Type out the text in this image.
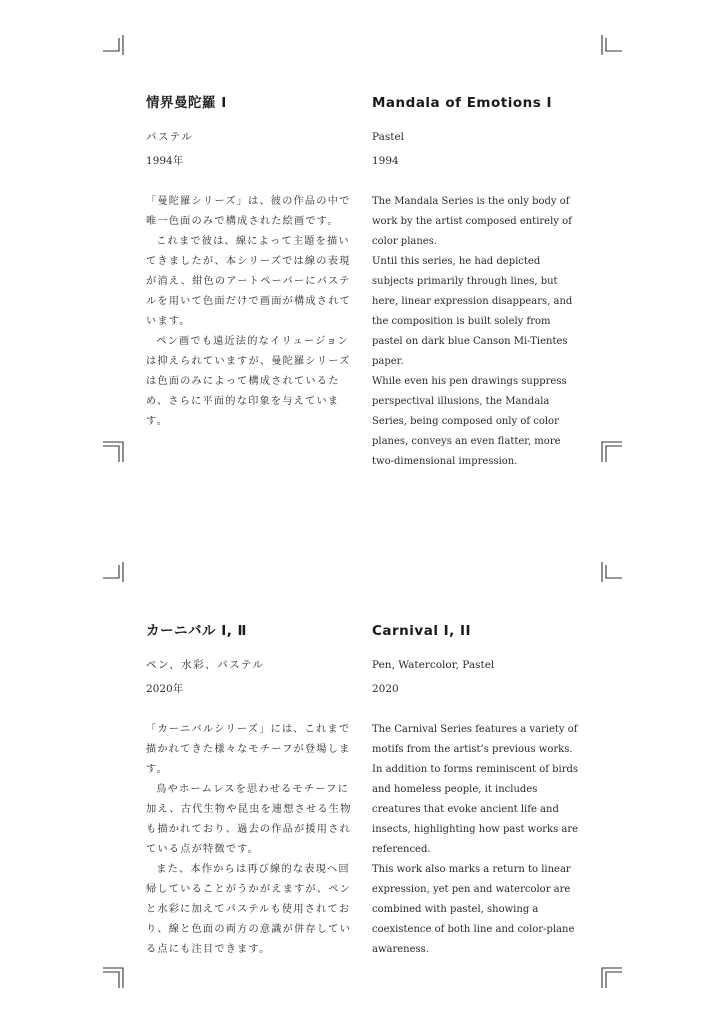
情界曼陀羅 Ⅰ

パステル

1994年

「曼陀羅シリーズ」は、彼の作品の中で唯一色面のみで構成された絵画です。

これまで彼は、線によって主題を描いてきましたが、本シリーズでは線の表現が消え、紺色のアートペーパーにパステルを用いて色面だけで画面が構成されています。

ペン画でも遠近法的なイリュージョンは抑えられていますが、曼陀羅シリーズは色面のみによって構成されているため、さらに平面的な印象を与えています。

Mandala of Emotions I

Pastel

1994

The Mandala Series is the only body of work by the artist composed entirely of color planes.

Until this series, he had depicted subjects primarily through lines, but here, linear expression disappears, and the composition is built solely from pastel on dark blue Canson Mi-Tientes paper.

While even his pen drawings suppress perspectival illusions, the Mandala Series, being composed only of color planes, conveys an even flatter, more two-dimensional impression.

カーニバル Ⅰ, Ⅱ

ペン、水彩、パステル

2020年

「カーニバルシリーズ」には、これまで描かれてきた様々なモチーフが登場します。

鳥やホームレスを思わせるモチーフに加え、古代生物や昆虫を連想させる生物も描かれており、過去の作品が援用されている点が特徴です。

また、本作からは再び線的な表現へ回帰していることがうかがえますが、ペンと水彩に加えてパステルも使用されており、線と色面の両方の意識が併存している点にも注目できます。

Carnival I, II

Pen, Watercolor, Pastel

2020

The Carnival Series features a variety of motifs from the artist’s previous works.

In addition to forms reminiscent of birds and homeless people, it includes creatures that evoke ancient life and insects, highlighting how past works are referenced.

This work also marks a return to linear expression, yet pen and watercolor are combined with pastel, showing a coexistence of both line and color-plane awareness.
